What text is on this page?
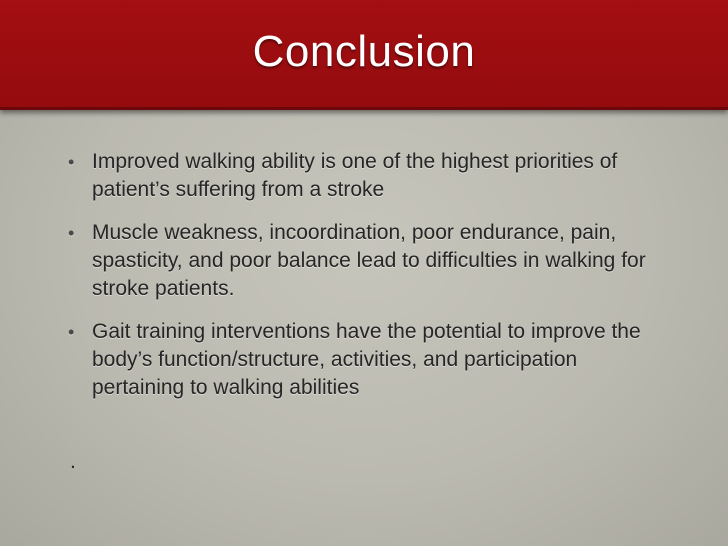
Conclusion
• Improved walking ability is one of the highest priorities of patient’s suffering from a stroke
• Muscle weakness, incoordination, poor endurance, pain, spasticity, and poor balance lead to difficulties in walking for stroke patients.
• Gait training interventions have the potential to improve the body’s function/structure, activities, and participation pertaining to walking abilities
.
